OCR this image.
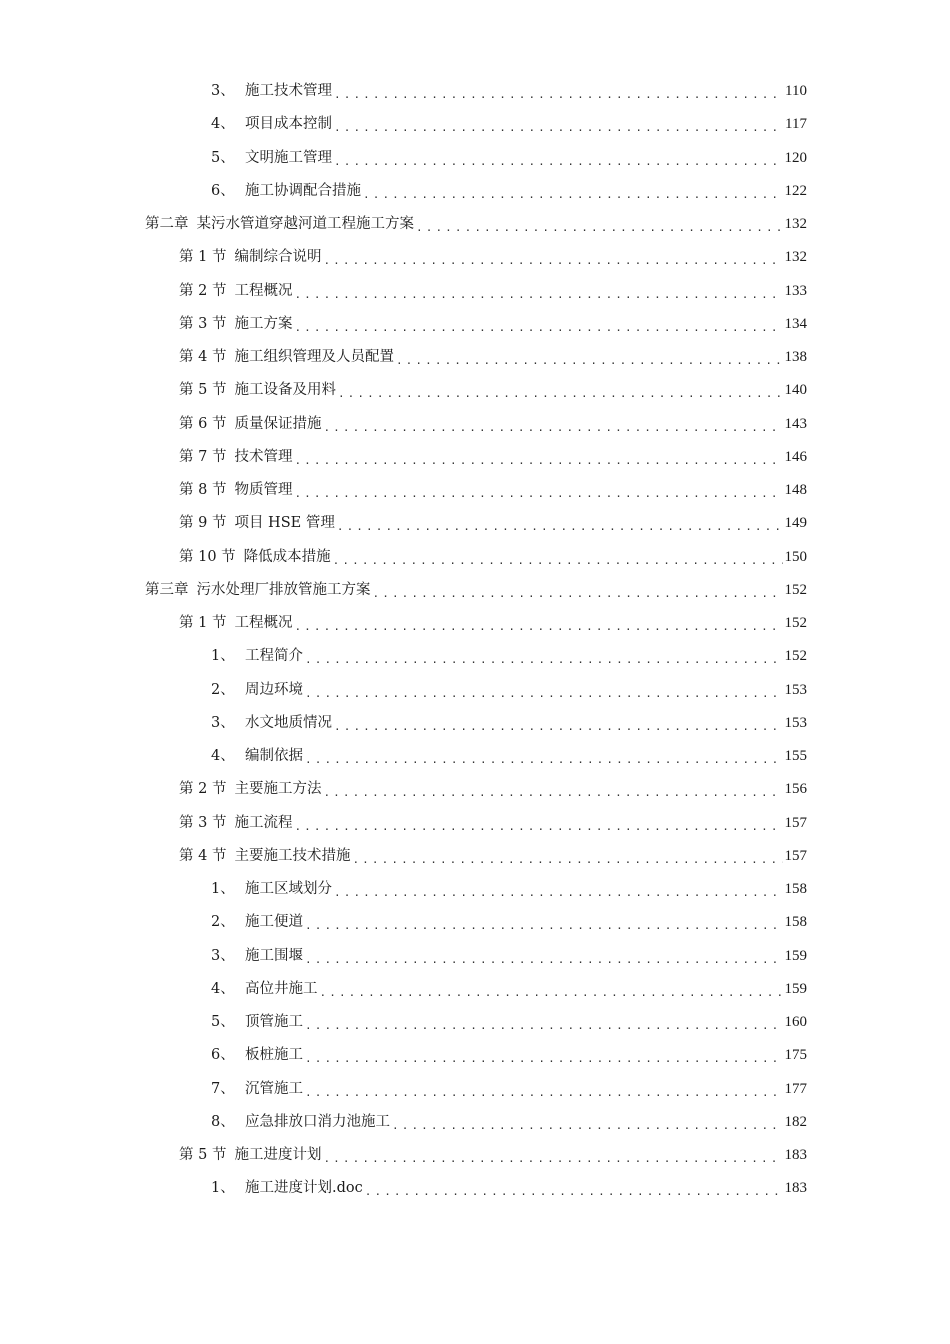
3、 施工技术管理 .....	110
4、 项目成本控制 .....	117
5、 文明施工管理 .....	120
6、 施工协调配合措施 .....	122
第二章 某污水管道穿越河道工程施工方案 .....	132
第 1 节 编制综合说明 .....	132
第 2 节 工程概况 .....	133
第 3 节 施工方案 .....	134
第 4 节 施工组织管理及人员配置 .....	138
第 5 节 施工设备及用料 .....	140
第 6 节 质量保证措施 .....	143
第 7 节 技术管理 .....	146
第 8 节 物质管理 .....	148
第 9 节 项目 HSE 管理 .....	149
第 10 节 降低成本措施 .....	150
第三章 污水处理厂排放管施工方案 .....	152
第 1 节 工程概况 .....	152
1、 工程简介 .....	152
2、 周边环境 .....	153
3、 水文地质情况 .....	153
4、 编制依据 .....	155
第 2 节 主要施工方法 .....	156
第 3 节 施工流程 .....	157
第 4 节 主要施工技术措施 .....	157
1、 施工区域划分 .....	158
2、 施工便道 .....	158
3、 施工围堰 .....	159
4、 高位井施工 .....	159
5、 顶管施工 .....	160
6、 板桩施工 .....	175
7、 沉管施工 .....	177
8、 应急排放口消力池施工 .....	182
第 5 节 施工进度计划 .....	183
1、 施工进度计划.doc .....	183
